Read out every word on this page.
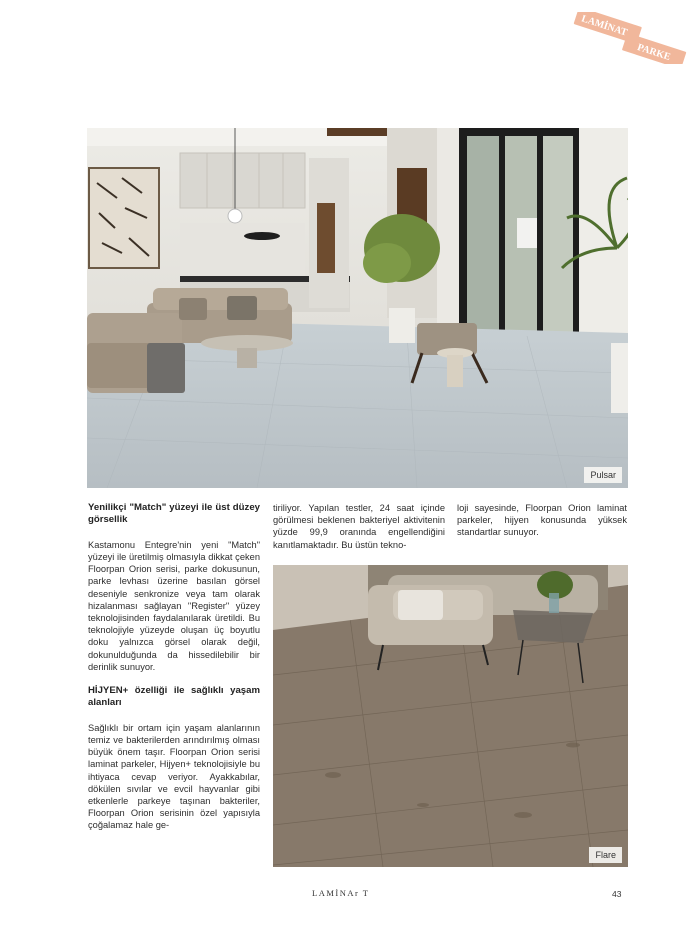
LAMİNAT
PARKE
Pulsar
Yenilikçi "Match" yüzeyi ile üst düzey görsellik

Kastamonu Entegre'nin yeni "Match" yüzeyi ile üretilmiş olmasıyla dikkat çeken Floorpan Orion serisi, parke dokusunun, parke levhası üzerine basılan görsel deseniyle senkronize veya tam olarak hizalanması sağlayan "Register" yüzey teknolojisinden faydalanılarak üretildi. Bu teknolojiyle yüzeyde oluşan üç boyutlu doku yalnızca görsel olarak değil, dokunulduğunda da hissedilebilir bir derinlik sunuyor.

HİJYEN+ özelliği ile sağlıklı yaşam alanları

Sağlıklı bir ortam için yaşam alanlarının temiz ve bakterilerden arındırılmış olması büyük önem taşır. Floorpan Orion serisi laminat parkeler, Hijyen+ teknolojisiyle bu ihtiyaca cevap veriyor. Ayakkabılar, dökülen sıvılar ve evcil hayvanlar gibi etkenlerle parkeye taşınan bakteriler, Floorpan Orion serisinin özel yapısıyla çoğalamaz hale ge-

tiriliyor. Yapılan testler, 24 saat içinde görülmesi beklenen bakteriyel aktivitenin yüzde 99,9 oranında engellendiğini kanıtlamaktadır. Bu üstün tekno-

loji sayesinde, Floorpan Orion laminat parkeler, hijyen konusunda yüksek standartlar sunuyor.

Flare
LAMİNAr T	43
